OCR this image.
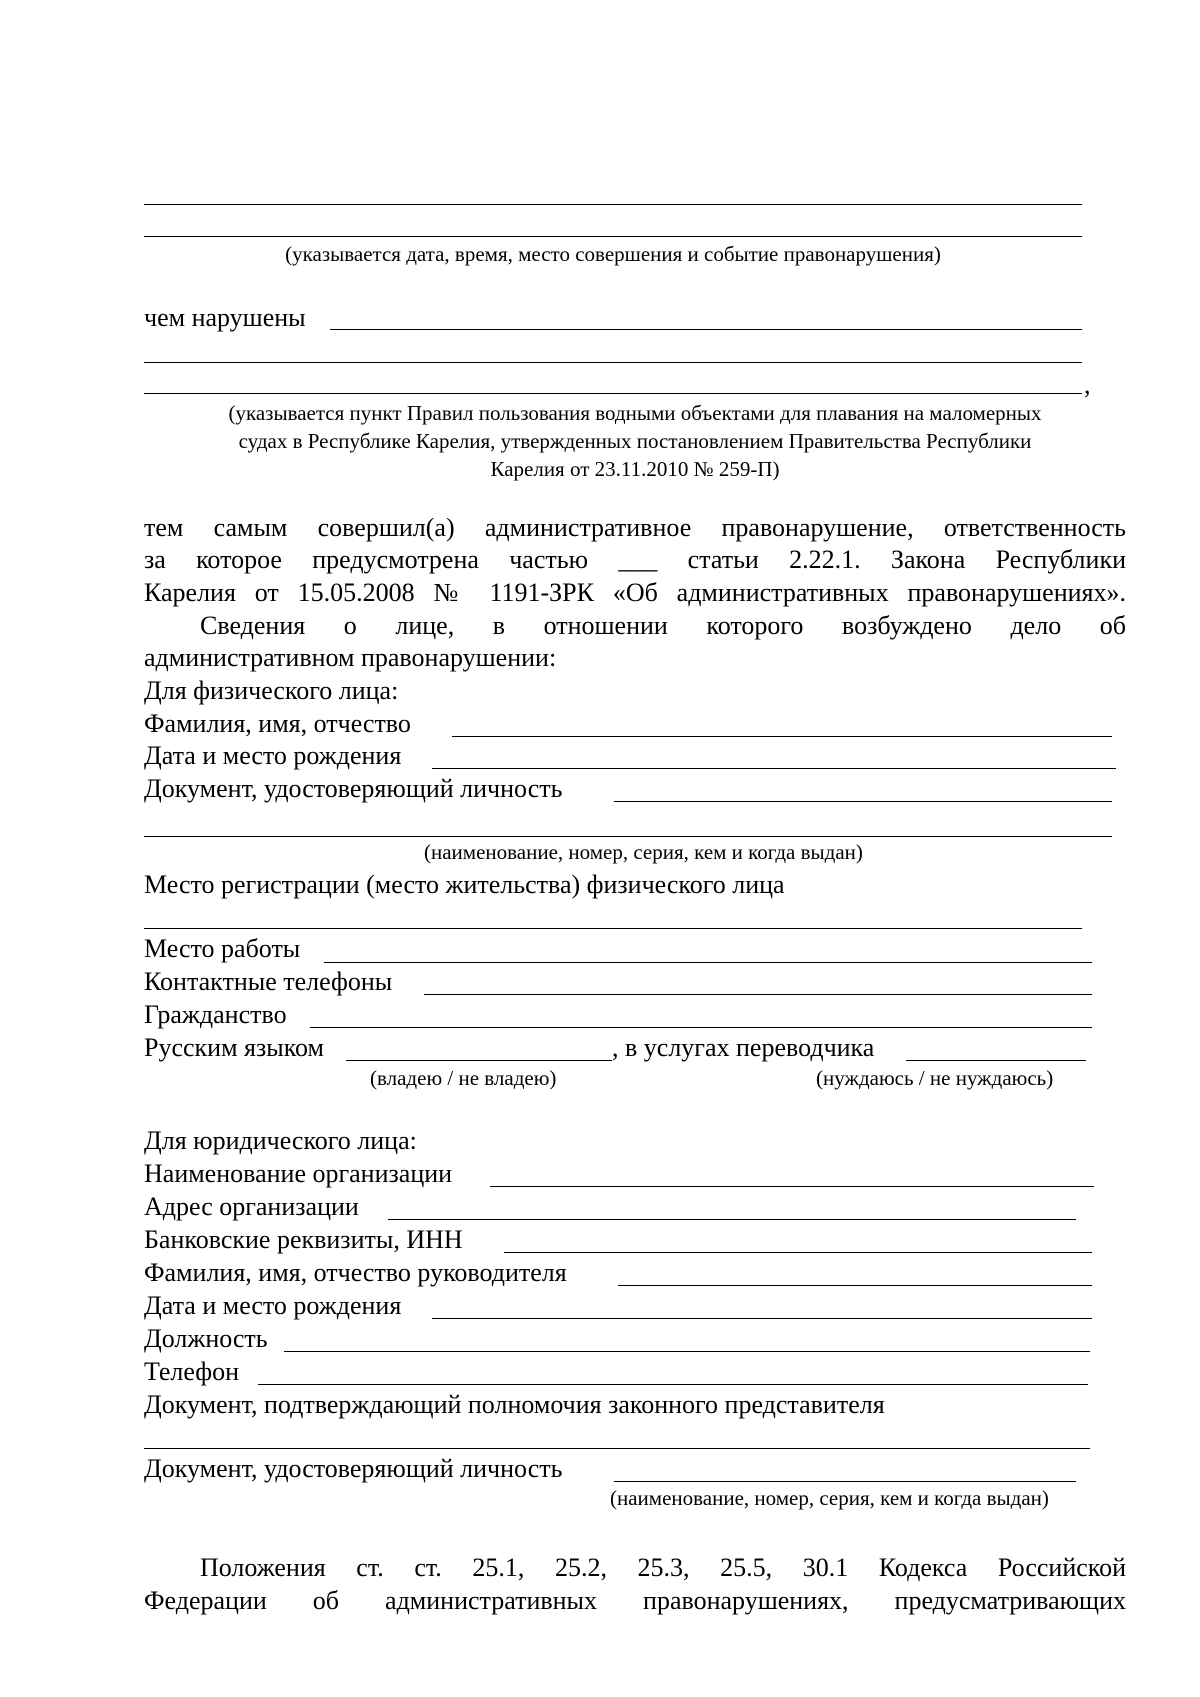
(указывается дата, время, место совершения и событие правонарушения)
чем нарушены
,
(указывается пункт Правил пользования водными объектами для плавания на маломерных
судах в Республике Карелия, утвержденных постановлением Правительства Республики
Карелия от 23.11.2010 № 259-П)
тем самым совершил(а) административное правонарушение, ответственность
за которое предусмотрена частью ___ статьи 2.22.1. Закона Республики
Карелия от 15.05.2008 № 1191-ЗРК «Об административных правонарушениях».
Сведения о лице, в отношении которого возбуждено дело об
административном правонарушении:
Для физического лица:
Фамилия, имя, отчество
Дата и место рождения
Документ, удостоверяющий личность
(наименование, номер, серия, кем и когда выдан)
Место регистрации (место жительства) физического лица
Место работы
Контактные телефоны
Гражданство
Русским языком	, в услугах переводчика
(владею / не владею)	(нуждаюсь / не нуждаюсь)
Для юридического лица:
Наименование организации
Адрес организации
Банковские реквизиты, ИНН
Фамилия, имя, отчество руководителя
Дата и место рождения
Должность
Телефон
Документ, подтверждающий полномочия законного представителя
Документ, удостоверяющий личность
(наименование, номер, серия, кем и когда выдан)
Положения ст. ст. 25.1, 25.2, 25.3, 25.5, 30.1 Кодекса Российской
Федерации об административных правонарушениях, предусматривающих
